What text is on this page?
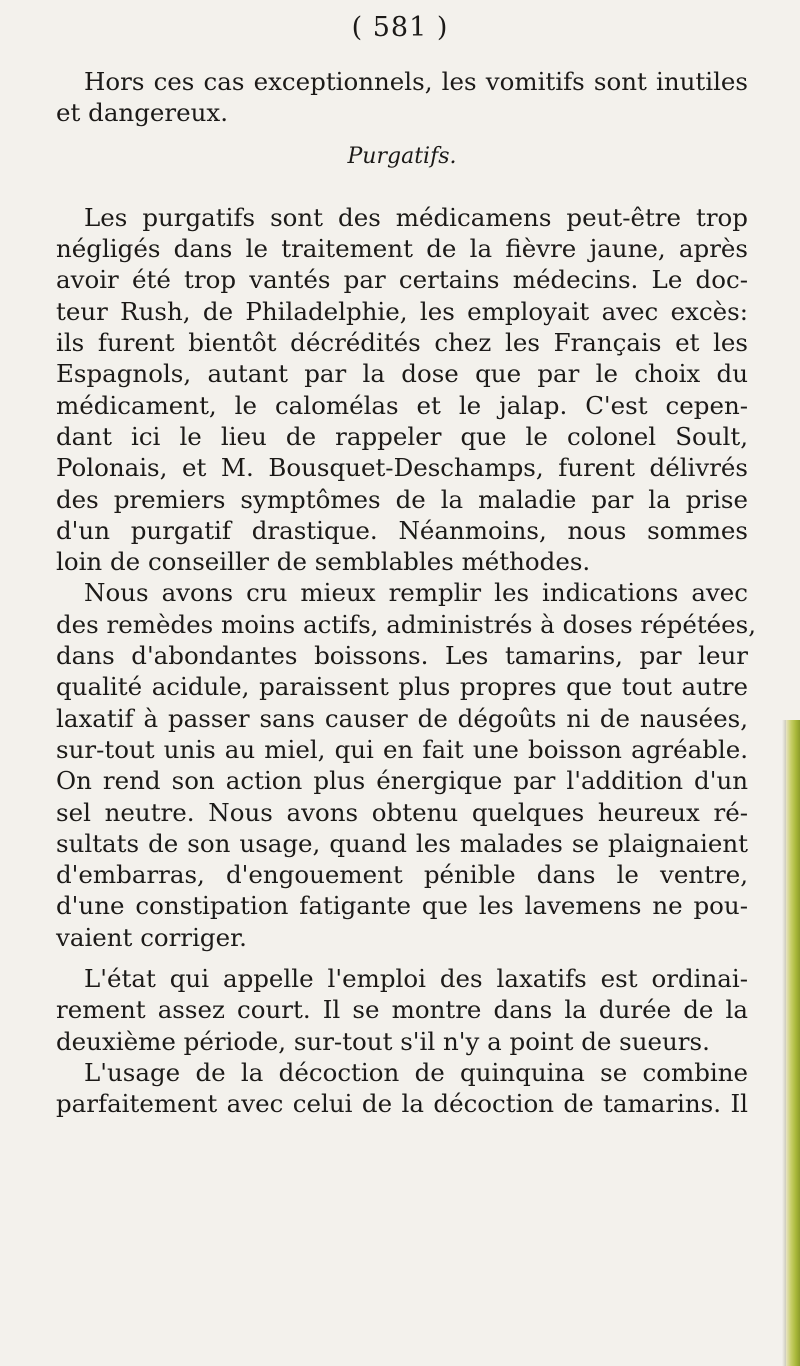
( 581 )
Hors ces cas exceptionnels, les vomitifs sont inutiles
et dangereux.
Purgatifs.
Les purgatifs sont des médicamens peut-être trop
négligés dans le traitement de la fièvre jaune, après
avoir été trop vantés par certains médecins. Le doc-
teur Rush, de Philadelphie, les employait avec excès:
ils furent bientôt décrédités chez les Français et les
Espagnols, autant par la dose que par le choix du
médicament, le calomélas et le jalap. C'est cepen-
dant ici le lieu de rappeler que le colonel Soult,
Polonais, et M. Bousquet-Deschamps, furent délivrés
des premiers symptômes de la maladie par la prise
d'un purgatif drastique. Néanmoins, nous sommes
loin de conseiller de semblables méthodes.
Nous avons cru mieux remplir les indications avec
des remèdes moins actifs, administrés à doses répétées,
dans d'abondantes boissons. Les tamarins, par leur
qualité acidule, paraissent plus propres que tout autre
laxatif à passer sans causer de dégoûts ni de nausées,
sur-tout unis au miel, qui en fait une boisson agréable.
On rend son action plus énergique par l'addition d'un
sel neutre. Nous avons obtenu quelques heureux ré-
sultats de son usage, quand les malades se plaignaient
d'embarras, d'engouement pénible dans le ventre,
d'une constipation fatigante que les lavemens ne pou-
vaient corriger.
L'état qui appelle l'emploi des laxatifs est ordinai-
rement assez court. Il se montre dans la durée de la
deuxième période, sur-tout s'il n'y a point de sueurs.
L'usage de la décoction de quinquina se combine
parfaitement avec celui de la décoction de tamarins. Il
